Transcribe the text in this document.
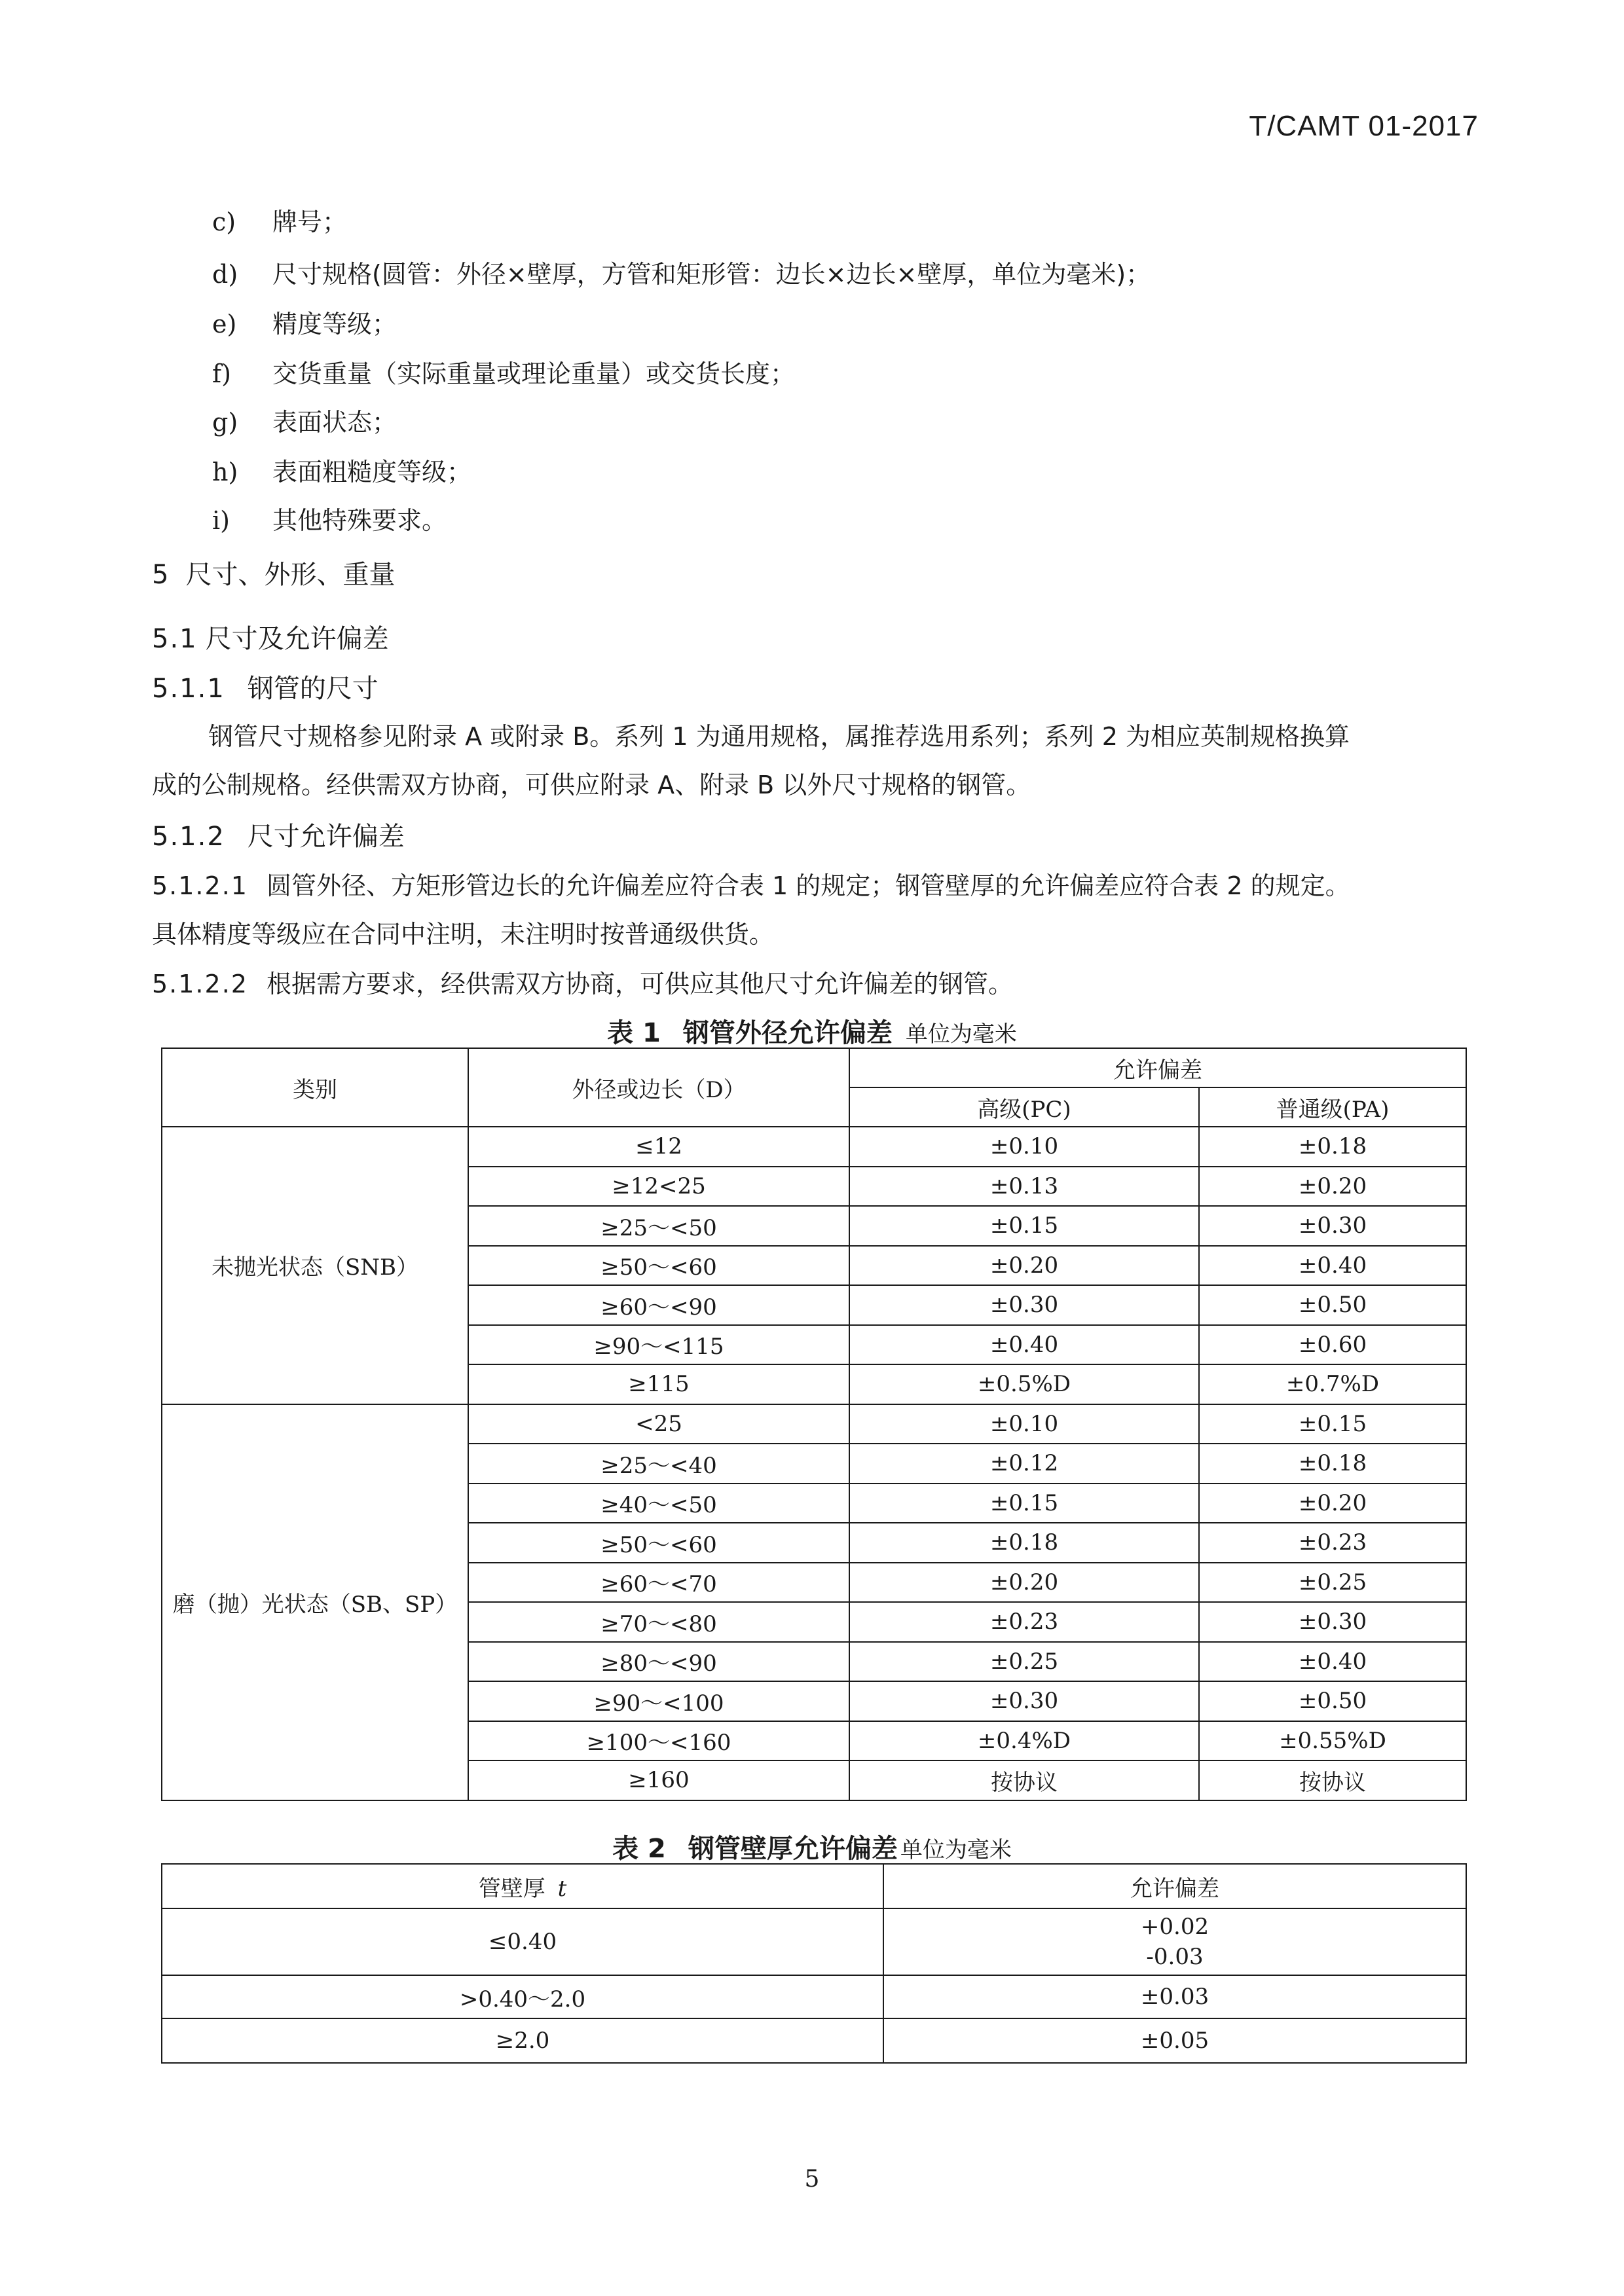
T/CAMT 01-2017
c) 牌号；
d) 尺寸规格(圆管：外径×壁厚，方管和矩形管：边长×边长×壁厚，单位为毫米)；
e) 精度等级；
f) 交货重量（实际重量或理论重量）或交货长度；
g) 表面状态；
h) 表面粗糙度等级；
i) 其他特殊要求。
5 尺寸、外形、重量
5.1 尺寸及允许偏差
5.1.1 钢管的尺寸
钢管尺寸规格参见附录 A 或附录 B。系列 1 为通用规格，属推荐选用系列；系列 2 为相应英制规格换算
成的公制规格。经供需双方协商，可供应附录 A、附录 B 以外尺寸规格的钢管。
5.1.2 尺寸允许偏差
5.1.2.1 圆管外径、方矩形管边长的允许偏差应符合表 1 的规定；钢管壁厚的允许偏差应符合表 2 的规定。
具体精度等级应在合同中注明，未注明时按普通级供货。
5.1.2.2 根据需方要求，经供需双方协商，可供应其他尺寸允许偏差的钢管。
表 1 钢管外径允许偏差 单位为毫米
类别	外径或边长（D）	允许偏差	
		高级(PC)	普通级(PA)
未抛光状态（SNB）	≤12	±0.10	±0.18
	≥12<25	±0.13	±0.20
	≥25～<50	±0.15	±0.30
	≥50～<60	±0.20	±0.40
	≥60～<90	±0.30	±0.50
	≥90～<115	±0.40	±0.60
	≥115	±0.5%D	±0.7%D
磨（抛）光状态（SB、SP）	<25	±0.10	±0.15
	≥25～<40	±0.12	±0.18
	≥40～<50	±0.15	±0.20
	≥50～<60	±0.18	±0.23
	≥60～<70	±0.20	±0.25
	≥70～<80	±0.23	±0.30
	≥80～<90	±0.25	±0.40
	≥90～<100	±0.30	±0.50
	≥100～<160	±0.4%D	±0.55%D
	≥160	按协议	按协议
表 2 钢管壁厚允许偏差 单位为毫米
管壁厚 t	允许偏差
≤0.40	+0.02
-0.03

>0.40～2.0	±0.03
≥2.0	±0.05
5
